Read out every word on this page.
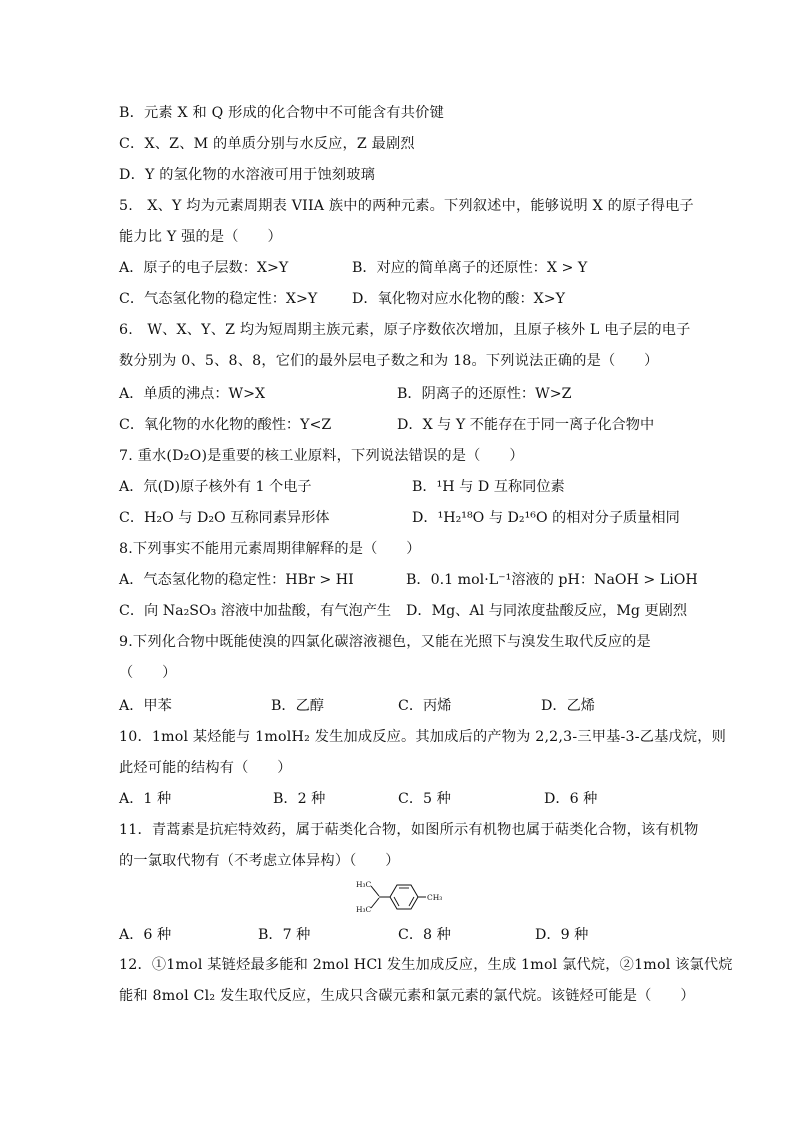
B．元素 X 和 Q 形成的化合物中不可能含有共价键
C．X、Z、M 的单质分别与水反应，Z 最剧烈
D．Y 的氢化物的水溶液可用于蚀刻玻璃
5.　X、Y 均为元素周期表 VIIA 族中的两种元素。下列叙述中，能够说明 X 的原子得电子
能力比 Y 强的是（　　）
A．原子的电子层数：X>Y	B．对应的简单离子的还原性：X > Y
C．气态氢化物的稳定性：X>Y D．氧化物对应水化物的酸：X>Y
6.　W、X、Y、Z 均为短周期主族元素，原子序数依次增加，且原子核外 L 电子层的电子
数分别为 0、5、8、8，它们的最外层电子数之和为 18。下列说法正确的是（　　）
A．单质的沸点：W>X	B．阴离子的还原性：W>Z
C．氧化物的水化物的酸性：Y<Z	D．X 与 Y 不能存在于同一离子化合物中
7. 重水(D₂O)是重要的核工业原料，下列说法错误的是（　　）
A．氘(D)原子核外有 1 个电子	B．¹H 与 D 互称同位素
C．H₂O 与 D₂O 互称同素异形体	D．¹H₂¹⁸O 与 D₂¹⁶O 的相对分子质量相同
8.下列事实不能用元素周期律解释的是（　　）
A．气态氢化物的稳定性：HBr > HI	B．0.1 mol·L⁻¹溶液的 pH：NaOH > LiOH
C．向 Na₂SO₃ 溶液中加盐酸，有气泡产生 D．Mg、Al 与同浓度盐酸反应，Mg 更剧烈
9.下列化合物中既能使溴的四氯化碳溶液褪色，又能在光照下与溴发生取代反应的是
（　　）
A．甲苯	B．乙醇	C．丙烯	D．乙烯
10．1mol 某烃能与 1molH₂ 发生加成反应。其加成后的产物为 2,2,3-三甲基-3-乙基戊烷，则
此烃可能的结构有（　　）
A．1 种	B．2 种	C．5 种	D．6 种
11．青蒿素是抗疟特效药，属于萜类化合物，如图所示有机物也属于萜类化合物，该有机物
的一氯取代物有（不考虑立体异构）（　　）
H₃C
H₃C
CH₃
A．6 种	B．7 种	C．8 种	D．9 种
12．①1mol 某链烃最多能和 2mol HCl 发生加成反应，生成 1mol 氯代烷，②1mol 该氯代烷
能和 8mol Cl₂ 发生取代反应，生成只含碳元素和氯元素的氯代烷。该链烃可能是（　　）
